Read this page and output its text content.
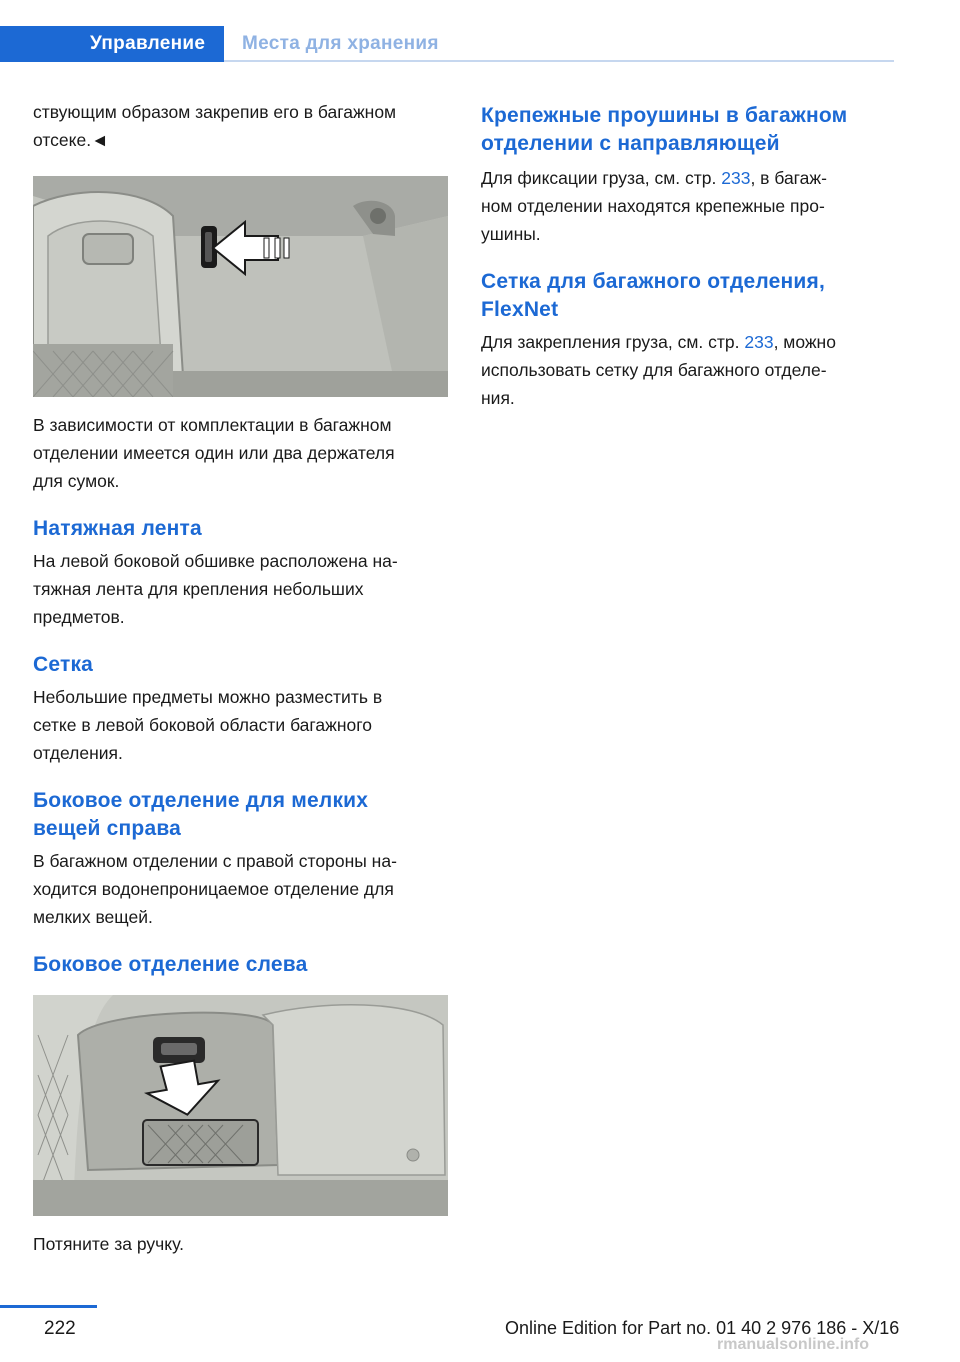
Управление	Места для хранения

ствующим образом закрепив его в багажном
отсеке.◄

В зависимости от комплектации в багажном
отделении имеется один или два держателя
для сумок.

Натяжная лента

На левой боковой обшивке расположена на-
тяжная лента для крепления небольших
предметов.

Сетка

Небольшие предметы можно разместить в
сетке в левой боковой области багажного
отделения.

Боковое отделение для мелких
вещей справа

В багажном отделении с правой стороны на-
ходится водонепроницаемое отделение для
мелких вещей.

Боковое отделение слева

Потяните за ручку.

Крепежные проушины в багажном
отделении с направляющей

Для фиксации груза, см. стр. 233, в багаж-
ном отделении находятся крепежные про-
ушины.

Сетка для багажного отделения,
FlexNet

Для закрепления груза, см. стр. 233, можно
использовать сетку для багажного отделе-
ния.

222	Online Edition for Part no. 01 40 2 976 186 - X/16
rmanualsonline.info
